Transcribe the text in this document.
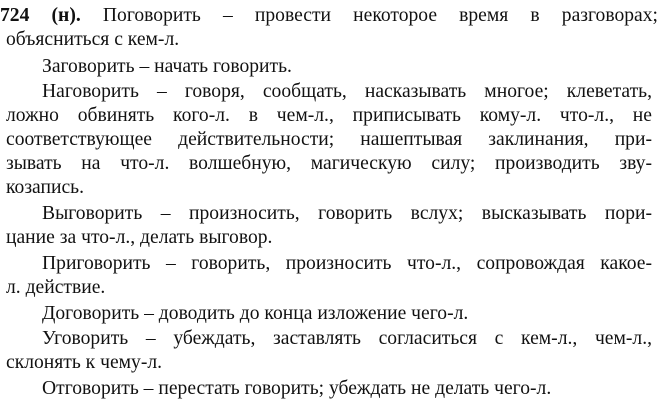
724 (н). Поговорить – провести некоторое время в разговорах;

объясниться с кем-л.

Заговорить – начать говорить.

Наговорить – говоря, сообщать, насказывать многое; клеветать,

ложно обвинять кого-л. в чем-л., приписывать кому-л. что-л., не

соответствующее действительности; нашептывая заклинания, при-

зывать на что-л. волшебную, магическую силу; производить зву-

козапись.

Выговорить – произносить, говорить вслух; высказывать пори-

цание за что-л., делать выговор.

Приговорить – говорить, произносить что-л., сопровождая какое-

л. действие.

Договорить – доводить до конца изложение чего-л.

Уговорить – убеждать, заставлять согласиться с кем-л., чем-л.,

склонять к чему-л.

Отговорить – перестать говорить; убеждать не делать чего-л.
